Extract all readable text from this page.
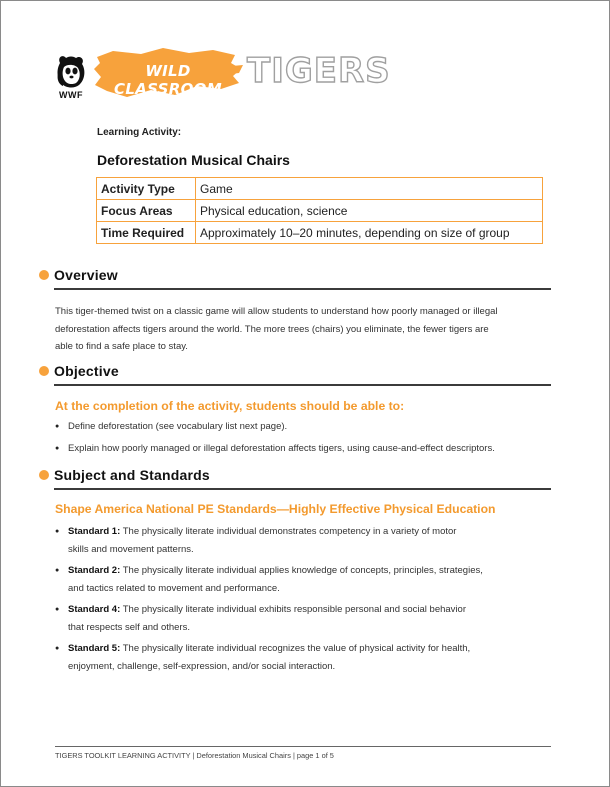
WWF
WILD CLASSROOM TIGERS
Learning Activity:
Deforestation Musical Chairs
Activity Type	Game
Focus Areas	Physical education, science
Time Required	Approximately 10–20 minutes, depending on size of group
Overview
This tiger-themed twist on a classic game will allow students to understand how poorly managed or illegal
deforestation affects tigers around the world. The more trees (chairs) you eliminate, the fewer tigers are
able to find a safe place to stay.
Objective
At the completion of the activity, students should be able to:
● Define deforestation (see vocabulary list next page).
● Explain how poorly managed or illegal deforestation affects tigers, using cause-and-effect descriptors.
Subject and Standards
Shape America National PE Standards—Highly Effective Physical Education
● Standard 1: The physically literate individual demonstrates competency in a variety of motor
skills and movement patterns.
● Standard 2: The physically literate individual applies knowledge of concepts, principles, strategies,
and tactics related to movement and performance.
● Standard 4: The physically literate individual exhibits responsible personal and social behavior
that respects self and others.
● Standard 5: The physically literate individual recognizes the value of physical activity for health,
enjoyment, challenge, self-expression, and/or social interaction.
TIGERS TOOLKIT LEARNING ACTIVITY | Deforestation Musical Chairs | page 1 of 5
